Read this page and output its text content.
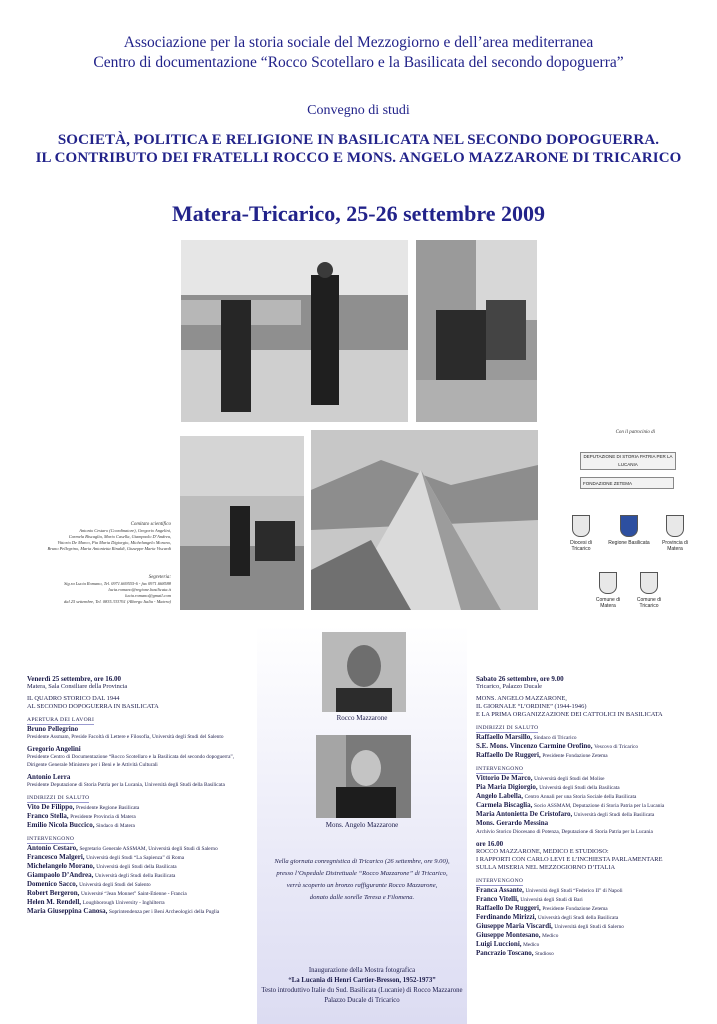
Associazione per la storia sociale del Mezzogiorno e dell’area mediterranea
Centro di documentazione “Rocco Scotellaro e la Basilicata del secondo dopoguerra”
Convegno di studi
SOCIETÀ, POLITICA E RELIGIONE IN BASILICATA NEL SECONDO DOPOGUERRA.
IL CONTRIBUTO DEI FRATELLI ROCCO E MONS. ANGELO MAZZARONE DI TRICARICO
Matera-Tricarico, 25-26 settembre 2009
Comitato scientifico
Antonio Cestaro (Coordinatore), Gregorio Angelini,
Carmela Biscaglia, Mario Casella, Giampaolo D’Andrea,
Vittorio De Marco, Pia Maria Digiorgio, Michelangelo Morano,
Bruno Pellegrino, Maria Antonietta Rinaldi, Giuseppe Maria Viscardi
Segreteria:
Sig.ra Lucia Romano, Tel. 0971.669555-6 - fax 0971.668588
lucia.romano@regione.basilicata.it
lucia.romano@gmail.com
dal 25 settembre, Tel. 0835.333761 (Albergo Italia - Matera)
Con il patrocinio di
DEPUTAZIONE DI STORIA PATRIA PER LA LUCANIA
FONDAZIONE ZETEMA
Diocesi di Tricarico
Regione Basilicata	Provincia di Matera
Comune di Matera
Comune di Tricarico
Rocco Mazzarone
Mons. Angelo Mazzarone
Nella giornata conregnistica di Tricarico (26 settembre, ore 9.00),
presso l’Ospedale Distrettuale “Rocco Mazzarone” di Tricarico,
verrà scoperto un bronzo raffigurante Rocco Mazzarone,
donato dalle sorelle Teresa e Filomena.
Inaugurazione della Mostra fotografica
“La Lucania di Henri Cartier-Bresson, 1952-1973”
Testo introduttivo Italie du Sud. Basilicata (Lucanie) di Rocco Mazzarone
Palazzo Ducale di Tricarico
Venerdì 25 settembre, ore 16.00
Matera, Sala Consiliare della Provincia
IL QUADRO STORICO DAL 1944
AL SECONDO DOPOGUERRA IN BASILICATA
APERTURA DEI LAVORI
Bruno Pellegrino
Presidente Assmam, Preside Facoltà di Lettere e Filosofia, Università degli Studi del Salento
Gregorio Angelini
Presidente Centro di Documentazione “Rocco Scotellaro e la Basilicata del secondo dopoguerra”,
Dirigente Generale Ministero per i Beni e le Attività Culturali
Antonio Lerra
Presidente Deputazione di Storia Patria per la Lucania, Università degli Studi della Basilicata
INDIRIZZI DI SALUTO
Vito De Filippo, Presidente Regione Basilicata
Franco Stella, Presidente Provincia di Matera
Emilio Nicola Buccico, Sindaco di Matera
INTERVENGONO
Antonio Cestaro, Segretario Generale ASSMAM, Università degli Studi di Salerno
Francesco Malgeri, Università degli Studi “La Sapienza” di Roma
Michelangelo Morano, Università degli Studi della Basilicata
Giampaolo D’Andrea, Università degli Studi della Basilicata
Domenico Sacco, Università degli Studi del Salento
Robert Bergeron, Université “Jean Monnet” Saint-Etienne - Francia
Helen M. Rendell, Loughborough University - Inghilterra
Maria Giuseppina Canosa, Soprintendenza per i Beni Archeologici della Puglia
Sabato 26 settembre, ore 9.00
Tricarico, Palazzo Ducale
MONS. ANGELO MAZZARONE,
IL GIORNALE “L’ORDINE” (1944-1946)
E LA PRIMA ORGANIZZAZIONE DEI CATTOLICI IN BASILICATA
INDIRIZZI DI SALUTO
Raffaello Marsillo, Sindaco di Tricarico
S.E. Mons. Vincenzo Carmine Orofino, Vescovo di Tricarico
Raffaello De Ruggeri, Presidente Fondazione Zetema
INTERVENGONO
Vittorio De Marco, Università degli Studi del Molise
Pia Maria Digiorgio, Università degli Studi della Basilicata
Angelo Labella, Centro Annali per una Storia Sociale della Basilicata
Carmela Biscaglia, Socio ASSMAM, Deputazione di Storia Patria per la Lucania
Maria Antonietta De Cristofaro, Università degli Studi della Basilicata
Mons. Gerardo Messina
Archivio Storico Diocesano di Potenza, Deputazione di Storia Patria per la Lucania
ore 16.00
ROCCO MAZZARONE, MEDICO E STUDIOSO:
I RAPPORTI CON CARLO LEVI E L’INCHIESTA PARLAMENTARE
SULLA MISERIA NEL MEZZOGIORNO D’ITALIA
INTERVENGONO
Franca Assante, Università degli Studi “Federico II” di Napoli
Franco Vitelli, Università degli Studi di Bari
Raffaello De Ruggeri, Presidente Fondazione Zetema
Ferdinando Mirizzi, Università degli Studi della Basilicata
Giuseppe Maria Viscardi, Università degli Studi di Salerno
Giuseppe Montesano, Medico
Luigi Luccioni, Medico
Pancrazio Toscano, Studioso
